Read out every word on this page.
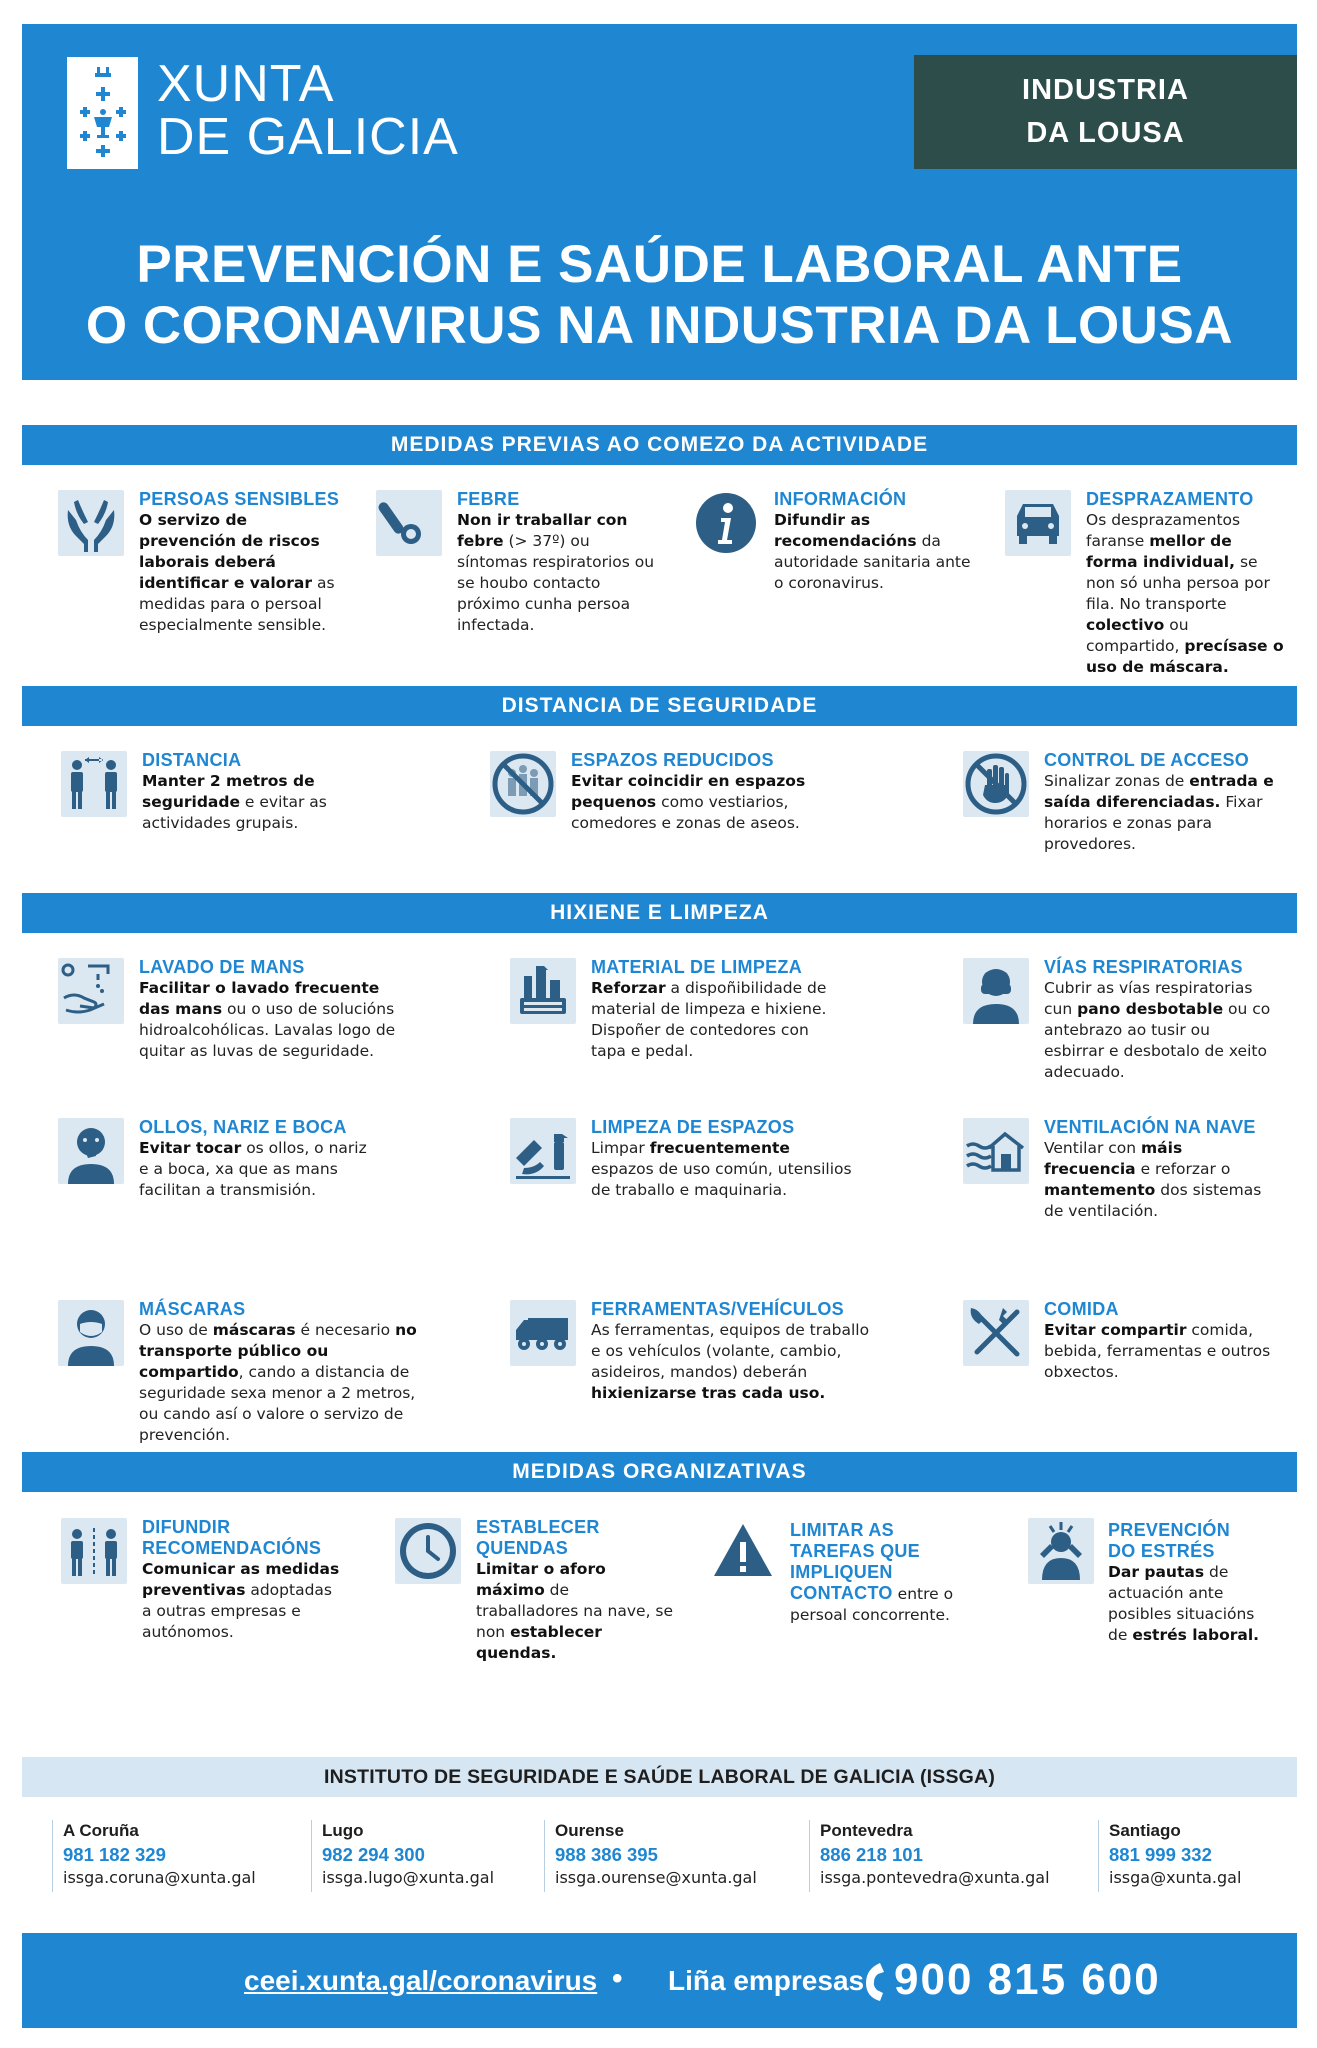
XUNTA
DE GALICIA
INDUSTRIA
DA LOUSA
PREVENCIÓN E SAÚDE LABORAL ANTE
O CORONAVIRUS NA INDUSTRIA DA LOUSA
MEDIDAS PREVIAS AO COMEZO DA ACTIVIDADE
PERSOAS SENSIBLES
O servizo de prevención de riscos laborais deberá identificar e valorar as medidas para o persoal especialmente sensible.
FEBRE
Non ir traballar con febre (> 37º) ou síntomas respiratorios ou se houbo contacto próximo cunha persoa infectada.
INFORMACIÓN
Difundir as recomendacións da autoridade sanitaria ante o coronavirus.
DESPRAZAMENTO
Os desprazamentos faranse mellor de forma individual, se non só unha persoa por fila. No transporte colectivo ou compartido, precísase o uso de máscara.
DISTANCIA DE SEGURIDADE
DISTANCIA
Manter 2 metros de seguridade e evitar as actividades grupais.
ESPAZOS REDUCIDOS
Evitar coincidir en espazos pequenos como vestiarios, comedores e zonas de aseos.
CONTROL DE ACCESO
Sinalizar zonas de entrada e saída diferenciadas. Fixar horarios e zonas para provedores.
HIXIENE E LIMPEZA
LAVADO DE MANS
Facilitar o lavado frecuente das mans ou o uso de solucións hidroalcohólicas. Lavalas logo de quitar as luvas de seguridade.
MATERIAL DE LIMPEZA
Reforzar a dispoñibilidade de material de limpeza e hixiene. Dispoñer de contedores con tapa e pedal.
VÍAS RESPIRATORIAS
Cubrir as vías respiratorias cun pano desbotable ou co antebrazo ao tusir ou esbirrar e desbotalo de xeito adecuado.
OLLOS, NARIZ E BOCA
Evitar tocar os ollos, o nariz e a boca, xa que as mans facilitan a transmisión.
LIMPEZA DE ESPAZOS
Limpar frecuentemente espazos de uso común, utensilios de traballo e maquinaria.
VENTILACIÓN NA NAVE
Ventilar con máis frecuencia e reforzar o mantemento dos sistemas de ventilación.
MÁSCARAS
O uso de máscaras é necesario no transporte público ou compartido, cando a distancia de seguridade sexa menor a 2 metros, ou cando así o valore o servizo de prevención.
FERRAMENTAS/VEHÍCULOS
As ferramentas, equipos de traballo e os vehículos (volante, cambio, asideiros, mandos) deberán hixienizarse tras cada uso.
COMIDA
Evitar compartir comida, bebida, ferramentas e outros obxectos.
MEDIDAS ORGANIZATIVAS
DIFUNDIR
RECOMENDACIÓNS
Comunicar as medidas preventivas adoptadas a outras empresas e autónomos.
ESTABLECER
QUENDAS
Limitar o aforo máximo de traballadores na nave, se non establecer quendas.
LIMITAR AS
TAREFAS QUE
IMPLIQUEN
CONTACTO entre o persoal concorrente.
PREVENCIÓN
DO ESTRÉS
Dar pautas de actuación ante posibles situacións de estrés laboral.
INSTITUTO DE SEGURIDADE E SAÚDE LABORAL DE GALICIA (ISSGA)
A Coruña
981 182 329
issga.coruna@xunta.gal
Lugo
982 294 300
issga.lugo@xunta.gal
Ourense
988 386 395
issga.ourense@xunta.gal
Pontevedra
886 218 101
issga.pontevedra@xunta.gal
Santiago
881 999 332
issga@xunta.gal
ceei.xunta.gal/coronavirus • Liña empresas 900 815 600
